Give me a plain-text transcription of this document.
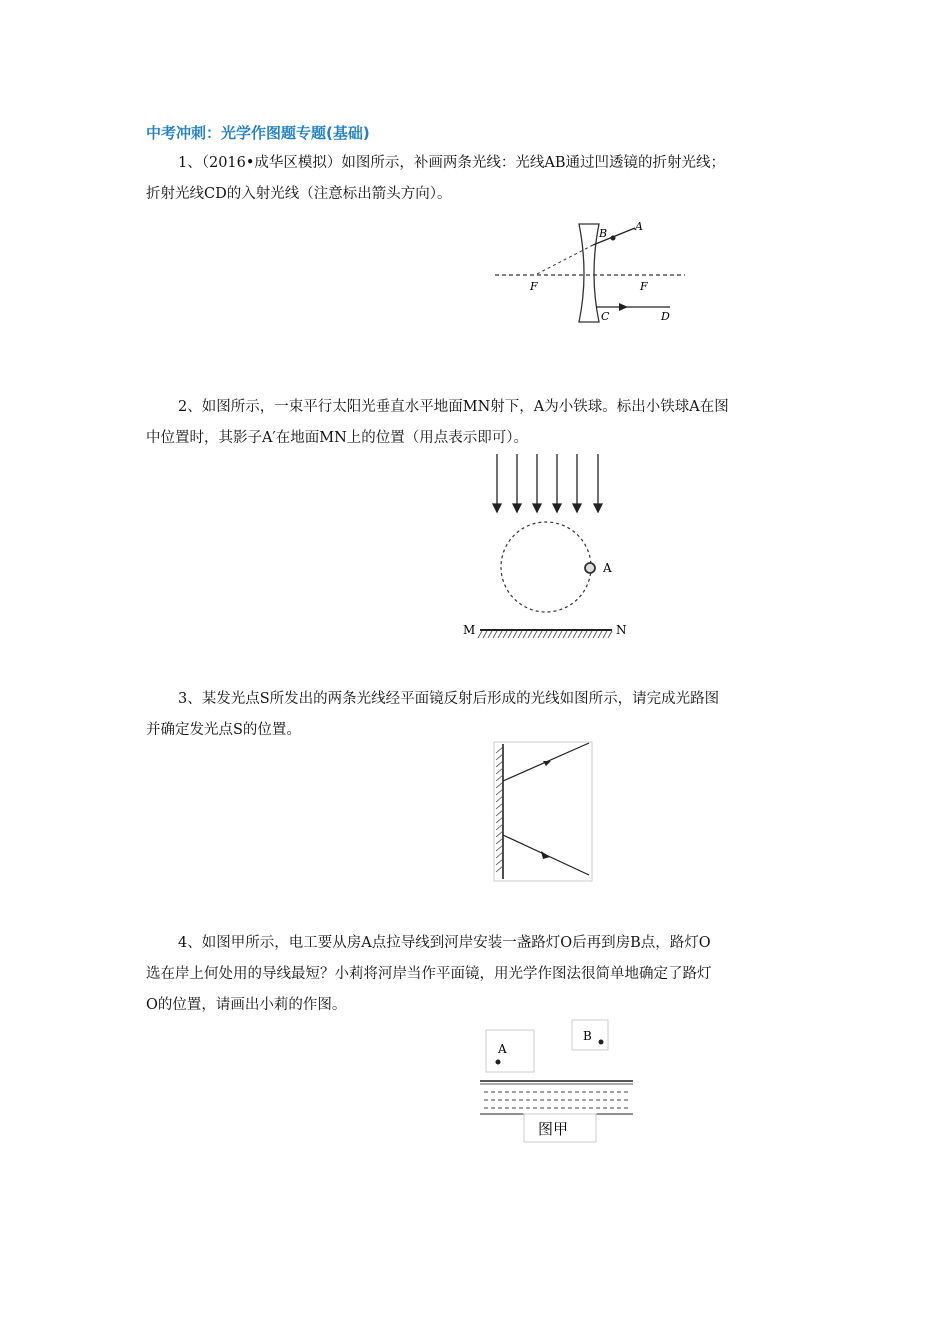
中考冲刺：光学作图题专题(基础)

1、（2016•成华区模拟）如图所示，补画两条光线：光线AB通过凹透镜的折射光线；

折射光线CD的入射光线（注意标出箭头方向）。

A
B
F	F
C	D

2、如图所示，一束平行太阳光垂直水平地面MN射下，A为小铁球。标出小铁球A在图

中位置时，其影子A′在地面MN上的位置（用点表示即可）。

A
M	N

3、某发光点S所发出的两条光线经平面镜反射后形成的光线如图所示，请完成光路图

并确定发光点S的位置。

4、如图甲所示，电工要从房A点拉导线到河岸安装一盏路灯O后再到房B点，路灯O

选在岸上何处用的导线最短？小莉将河岸当作平面镜，用光学作图法很简单地确定了路灯

O的位置，请画出小莉的作图。

A
B
图甲
